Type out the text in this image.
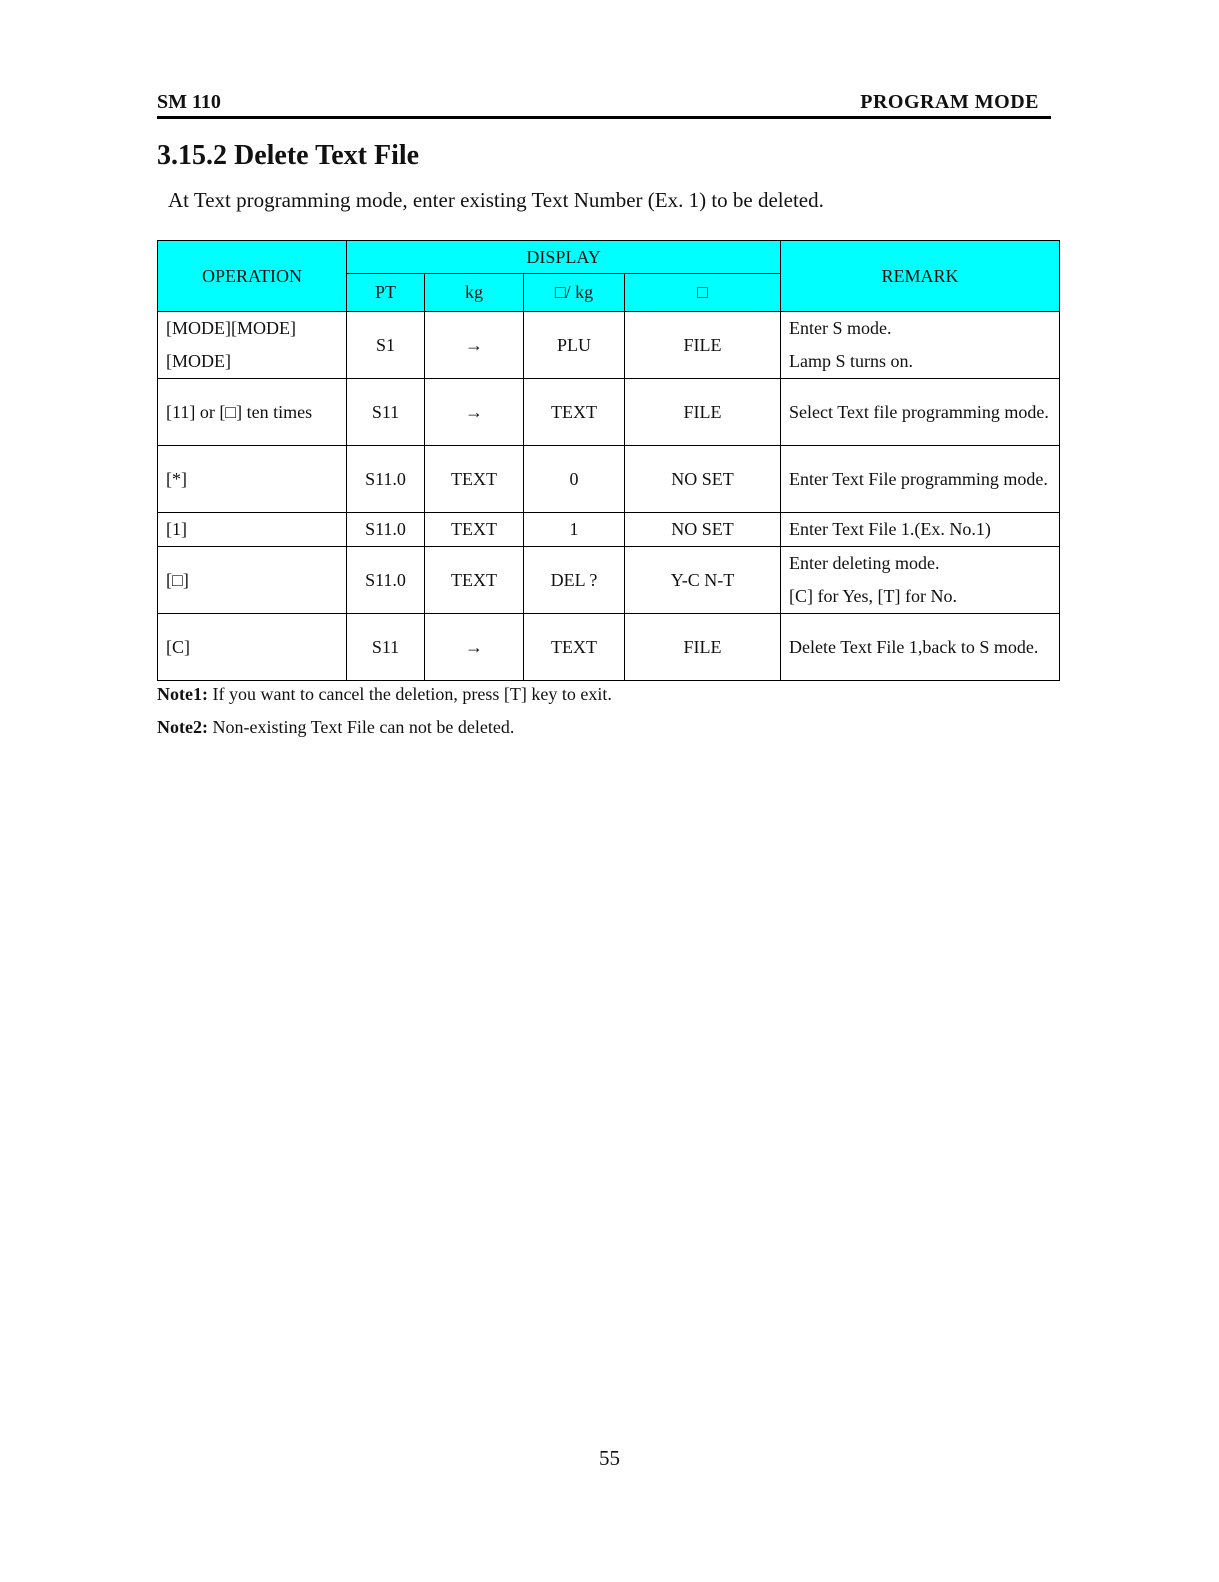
SM 110	PROGRAM MODE
3.15.2 Delete Text File
At Text programming mode, enter existing Text Number (Ex. 1) to be deleted.
OPERATION	DISPLAY				REMARK
	PT	kg	□/ kg	□	

[MODE][MODE]
[MODE]	S1	→	PLU	FILE	Enter S mode.
Lamp S turns on.

[11] or [□] ten times	S11	→	TEXT	FILE	Select Text file programming mode.
[*]	S11.0	TEXT	0	NO SET	Enter Text File programming mode.
[1]	S11.0	TEXT	1	NO SET	Enter Text File 1.(Ex. No.1)
[□]	S11.0	TEXT	DEL ?	Y-C N-T	Enter deleting mode.
[C] for Yes, [T] for No.

[C]	S11	→	TEXT	FILE	Delete Text File 1,back to S mode.
Note1: If you want to cancel the deletion, press [T] key to exit.
Note2: Non-existing Text File can not be deleted.
55
